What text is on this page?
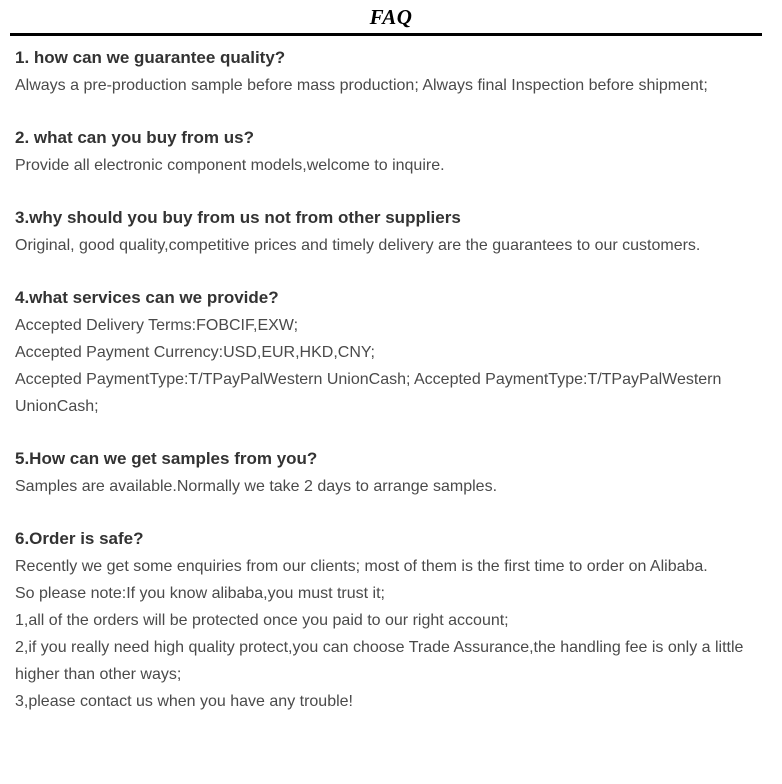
FAQ
1. how can we guarantee quality?
Always a pre-production sample before mass production; Always final Inspection before shipment;
2. what can you buy from us?
Provide all electronic component models,welcome to inquire.
3.why should you buy from us not from other suppliers
Original, good quality,competitive prices and timely delivery are the guarantees to our customers.
4.what services can we provide?
Accepted Delivery Terms:FOBCIF,EXW;
Accepted Payment Currency:USD,EUR,HKD,CNY;
Accepted PaymentType:T/TPayPalWestern UnionCash; Accepted PaymentType:T/TPayPalWestern UnionCash;
5.How can we get samples from you?
Samples are available.Normally we take 2 days to arrange samples.
6.Order is safe?
Recently we get some enquiries from our clients; most of them is the first time to order on Alibaba.
So please note:If you know alibaba,you must trust it;
1,all of the orders will be protected once you paid to our right account;
2,if you really need high quality protect,you can choose Trade Assurance,the handling fee is only a little higher than other ways;
3,please contact us when you have any trouble!
